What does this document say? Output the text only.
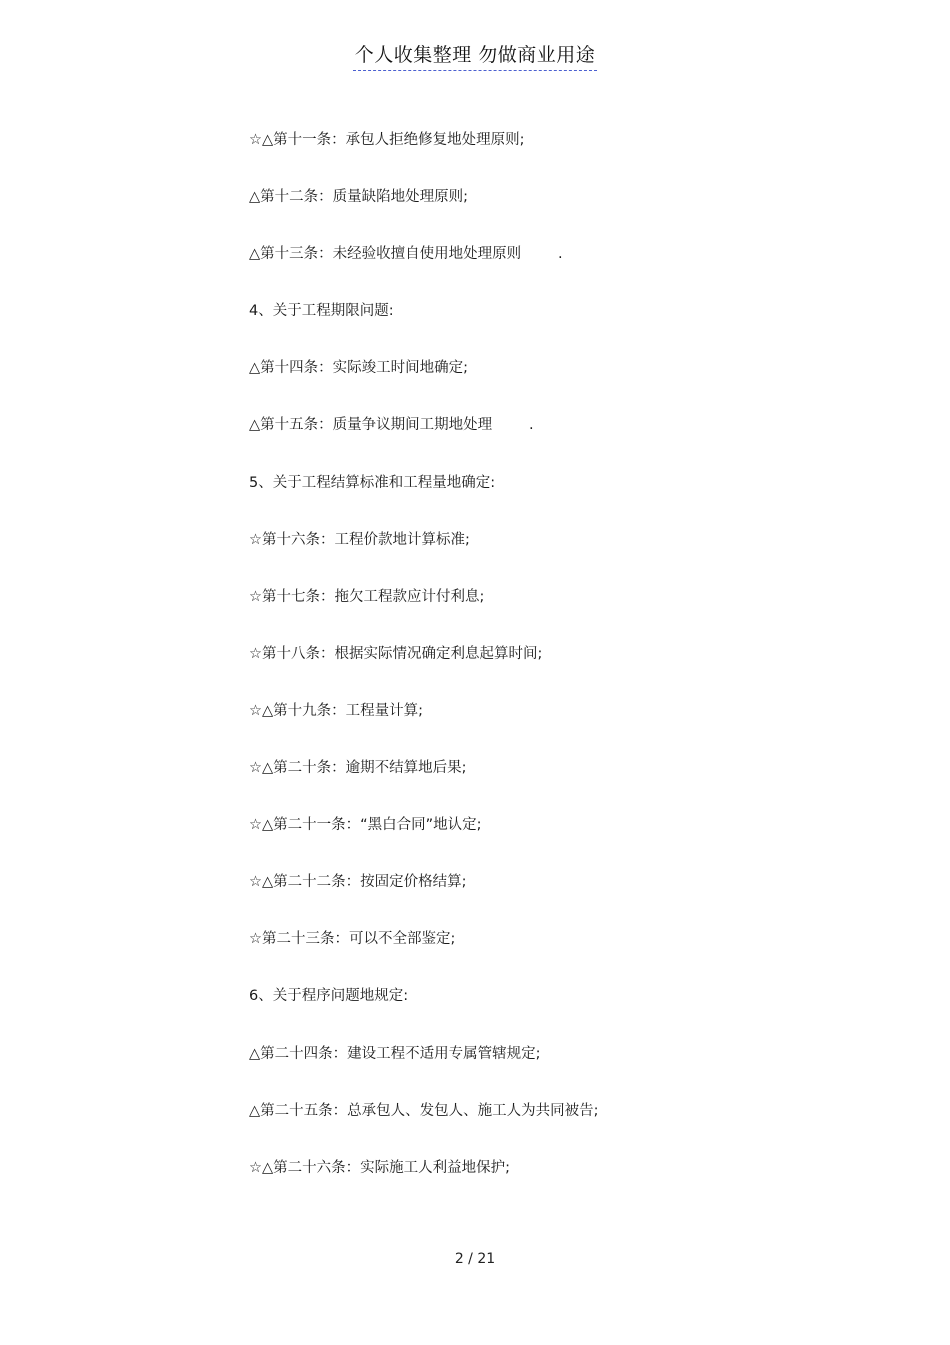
个人收集整理 勿做商业用途
☆△第十一条：承包人拒绝修复地处理原则;
△第十二条：质量缺陷地处理原则;
△第十三条：未经验收擅自使用地处理原则        .
4、关于工程期限问题:
△第十四条：实际竣工时间地确定;
△第十五条：质量争议期间工期地处理        .
5、关于工程结算标准和工程量地确定:
☆第十六条：工程价款地计算标准;
☆第十七条：拖欠工程款应计付利息;
☆第十八条：根据实际情况确定利息起算时间;
☆△第十九条：工程量计算;
☆△第二十条：逾期不结算地后果;
☆△第二十一条：“黑白合同”地认定;
☆△第二十二条：按固定价格结算;
☆第二十三条：可以不全部鉴定;
6、关于程序问题地规定:
△第二十四条：建设工程不适用专属管辖规定;
△第二十五条：总承包人、发包人、施工人为共同被告;
☆△第二十六条：实际施工人利益地保护;
2 / 21
